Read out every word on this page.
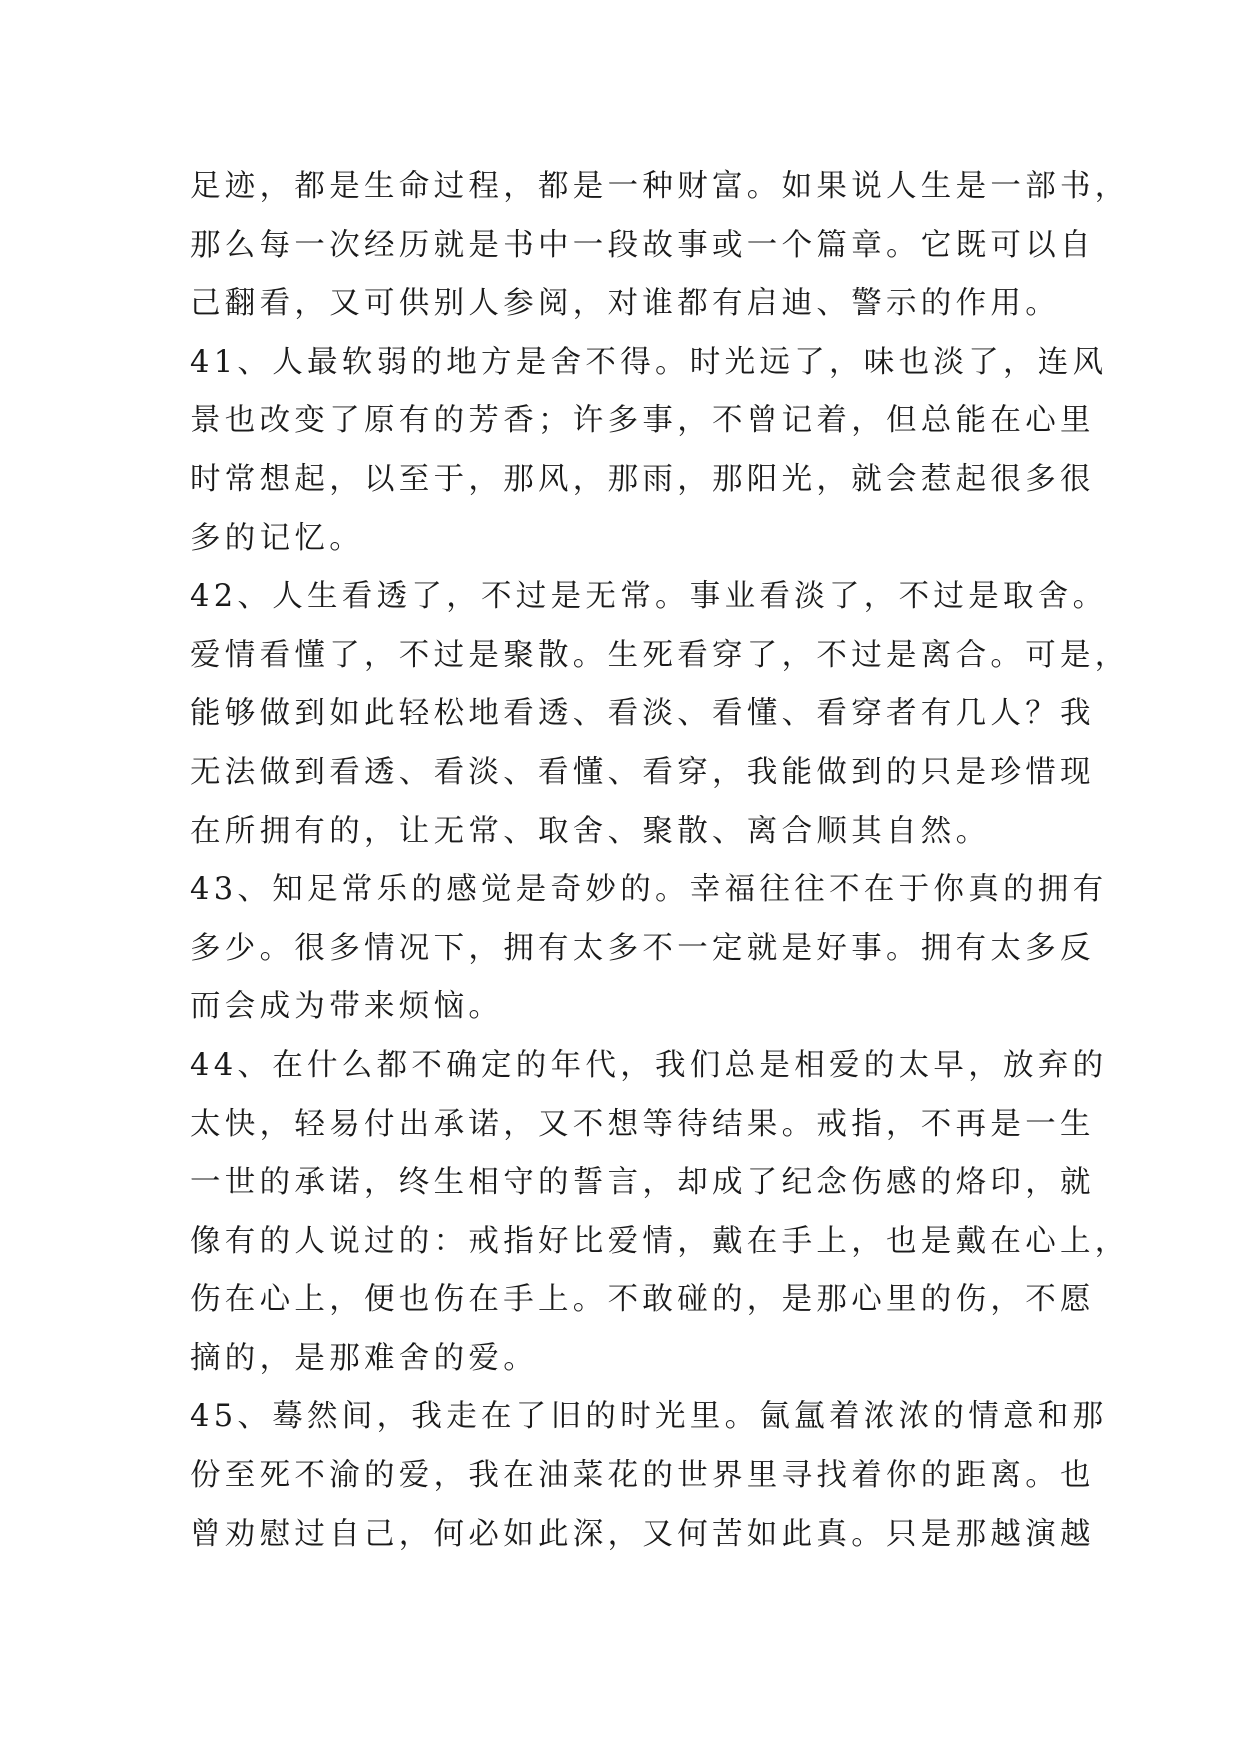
足迹，都是生命过程，都是一种财富。如果说人生是一部书，
那么每一次经历就是书中一段故事或一个篇章。它既可以自
己翻看，又可供别人参阅，对谁都有启迪、警示的作用。
41、人最软弱的地方是舍不得。时光远了，味也淡了，连风
景也改变了原有的芳香；许多事，不曾记着，但总能在心里
时常想起，以至于，那风，那雨，那阳光，就会惹起很多很
多的记忆。
42、人生看透了，不过是无常。事业看淡了，不过是取舍。
爱情看懂了，不过是聚散。生死看穿了，不过是离合。可是，
能够做到如此轻松地看透、看淡、看懂、看穿者有几人？我
无法做到看透、看淡、看懂、看穿，我能做到的只是珍惜现
在所拥有的，让无常、取舍、聚散、离合顺其自然。
43、知足常乐的感觉是奇妙的。幸福往往不在于你真的拥有
多少。很多情况下，拥有太多不一定就是好事。拥有太多反
而会成为带来烦恼。
44、在什么都不确定的年代，我们总是相爱的太早，放弃的
太快，轻易付出承诺，又不想等待结果。戒指，不再是一生
一世的承诺，终生相守的誓言，却成了纪念伤感的烙印，就
像有的人说过的：戒指好比爱情，戴在手上，也是戴在心上，
伤在心上，便也伤在手上。不敢碰的，是那心里的伤，不愿
摘的，是那难舍的爱。
45、蓦然间，我走在了旧的时光里。氤氲着浓浓的情意和那
份至死不渝的爱，我在油菜花的世界里寻找着你的距离。也
曾劝慰过自己，何必如此深，又何苦如此真。只是那越演越
